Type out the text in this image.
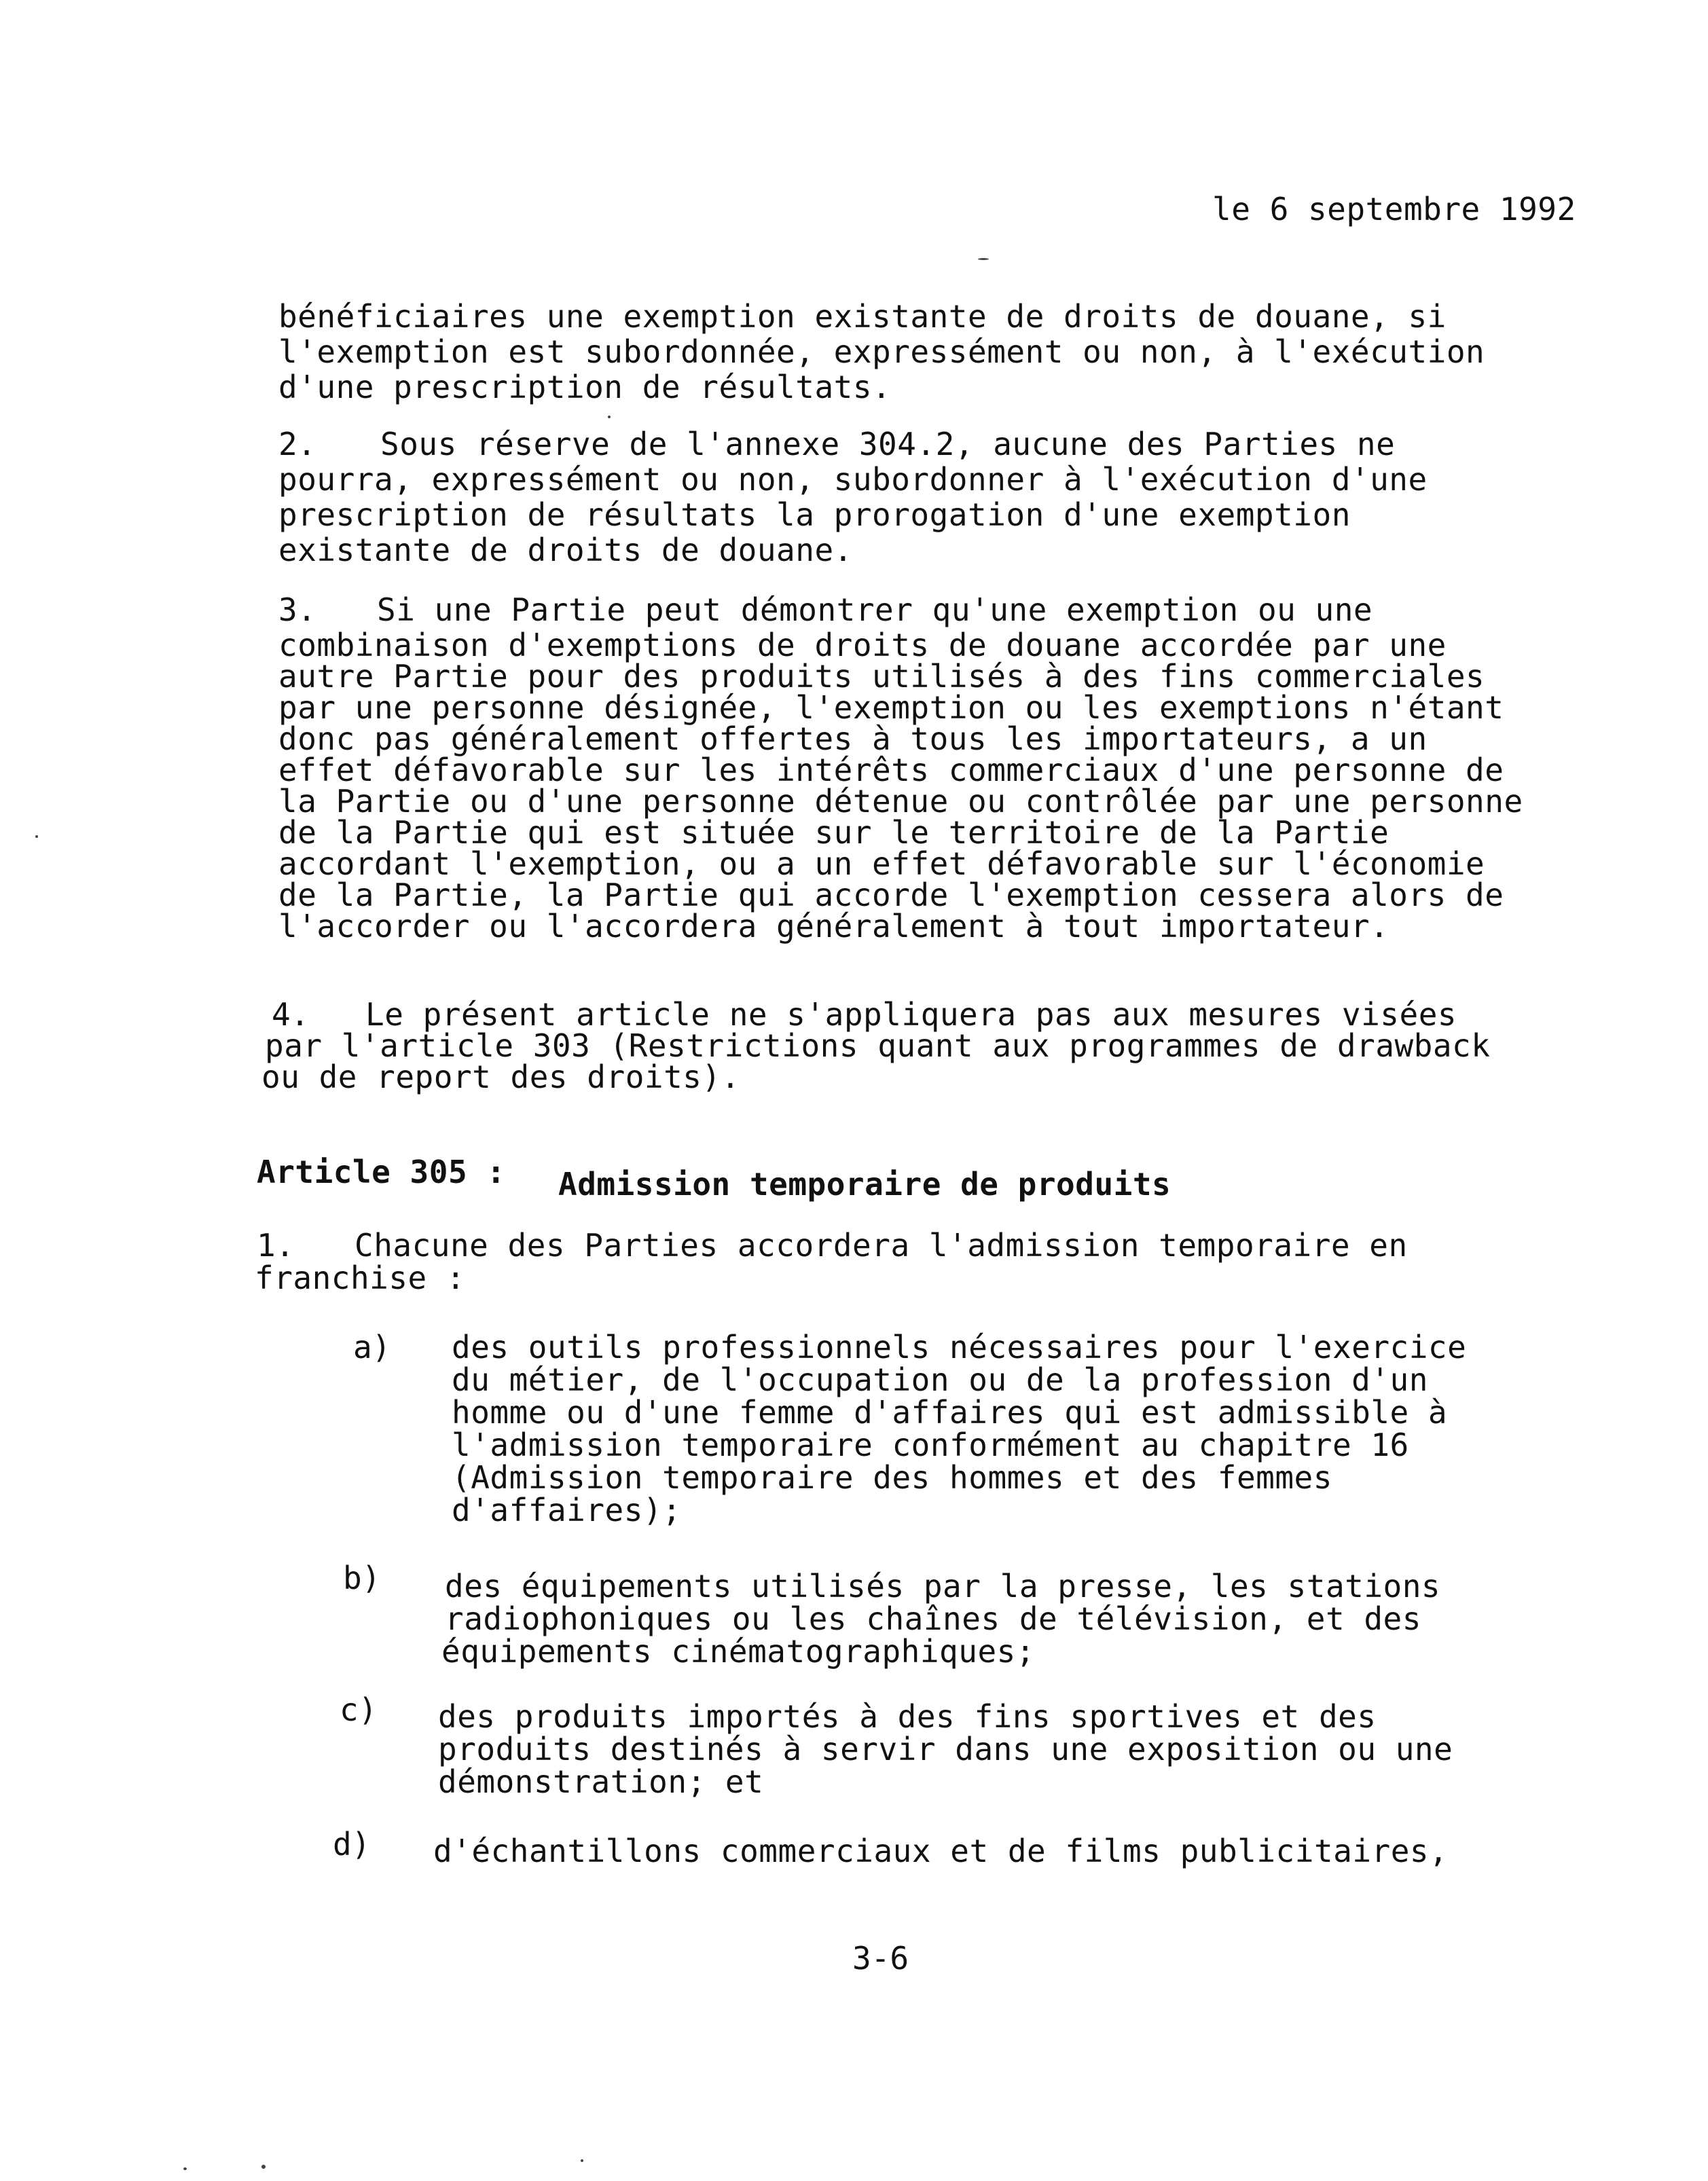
le 6 septembre 1992
bénéficiaires une exemption existante de droits de douane, si
l'exemption est subordonnée, expressément ou non, à l'exécution
d'une prescription de résultats.
2. Sous réserve de l'annexe 304.2, aucune des Parties ne
pourra, expressément ou non, subordonner à l'exécution d'une
prescription de résultats la prorogation d'une exemption
existante de droits de douane.
3. Si une Partie peut démontrer qu'une exemption ou une
combinaison d'exemptions de droits de douane accordée par une
autre Partie pour des produits utilisés à des fins commerciales
par une personne désignée, l'exemption ou les exemptions n'étant
donc pas généralement offertes à tous les importateurs, a un
effet défavorable sur les intérêts commerciaux d'une personne de
la Partie ou d'une personne détenue ou contrôlée par une personne
de la Partie qui est située sur le territoire de la Partie
accordant l'exemption, ou a un effet défavorable sur l'économie
de la Partie, la Partie qui accorde l'exemption cessera alors de
l'accorder ou l'accordera généralement à tout importateur.
4. Le présent article ne s'appliquera pas aux mesures visées
par l'article 303 (Restrictions quant aux programmes de drawback
ou de report des droits).
Article 305 : Admission temporaire de produits
1. Chacune des Parties accordera l'admission temporaire en
franchise :
a) des outils professionnels nécessaires pour l'exercice
du métier, de l'occupation ou de la profession d'un
homme ou d'une femme d'affaires qui est admissible à
l'admission temporaire conformément au chapitre 16
(Admission temporaire des hommes et des femmes
d'affaires);
b) des équipements utilisés par la presse, les stations
radiophoniques ou les chaînes de télévision, et des
équipements cinématographiques;
c) des produits importés à des fins sportives et des
produits destinés à servir dans une exposition ou une
démonstration; et
d) d'échantillons commerciaux et de films publicitaires,
3-6
